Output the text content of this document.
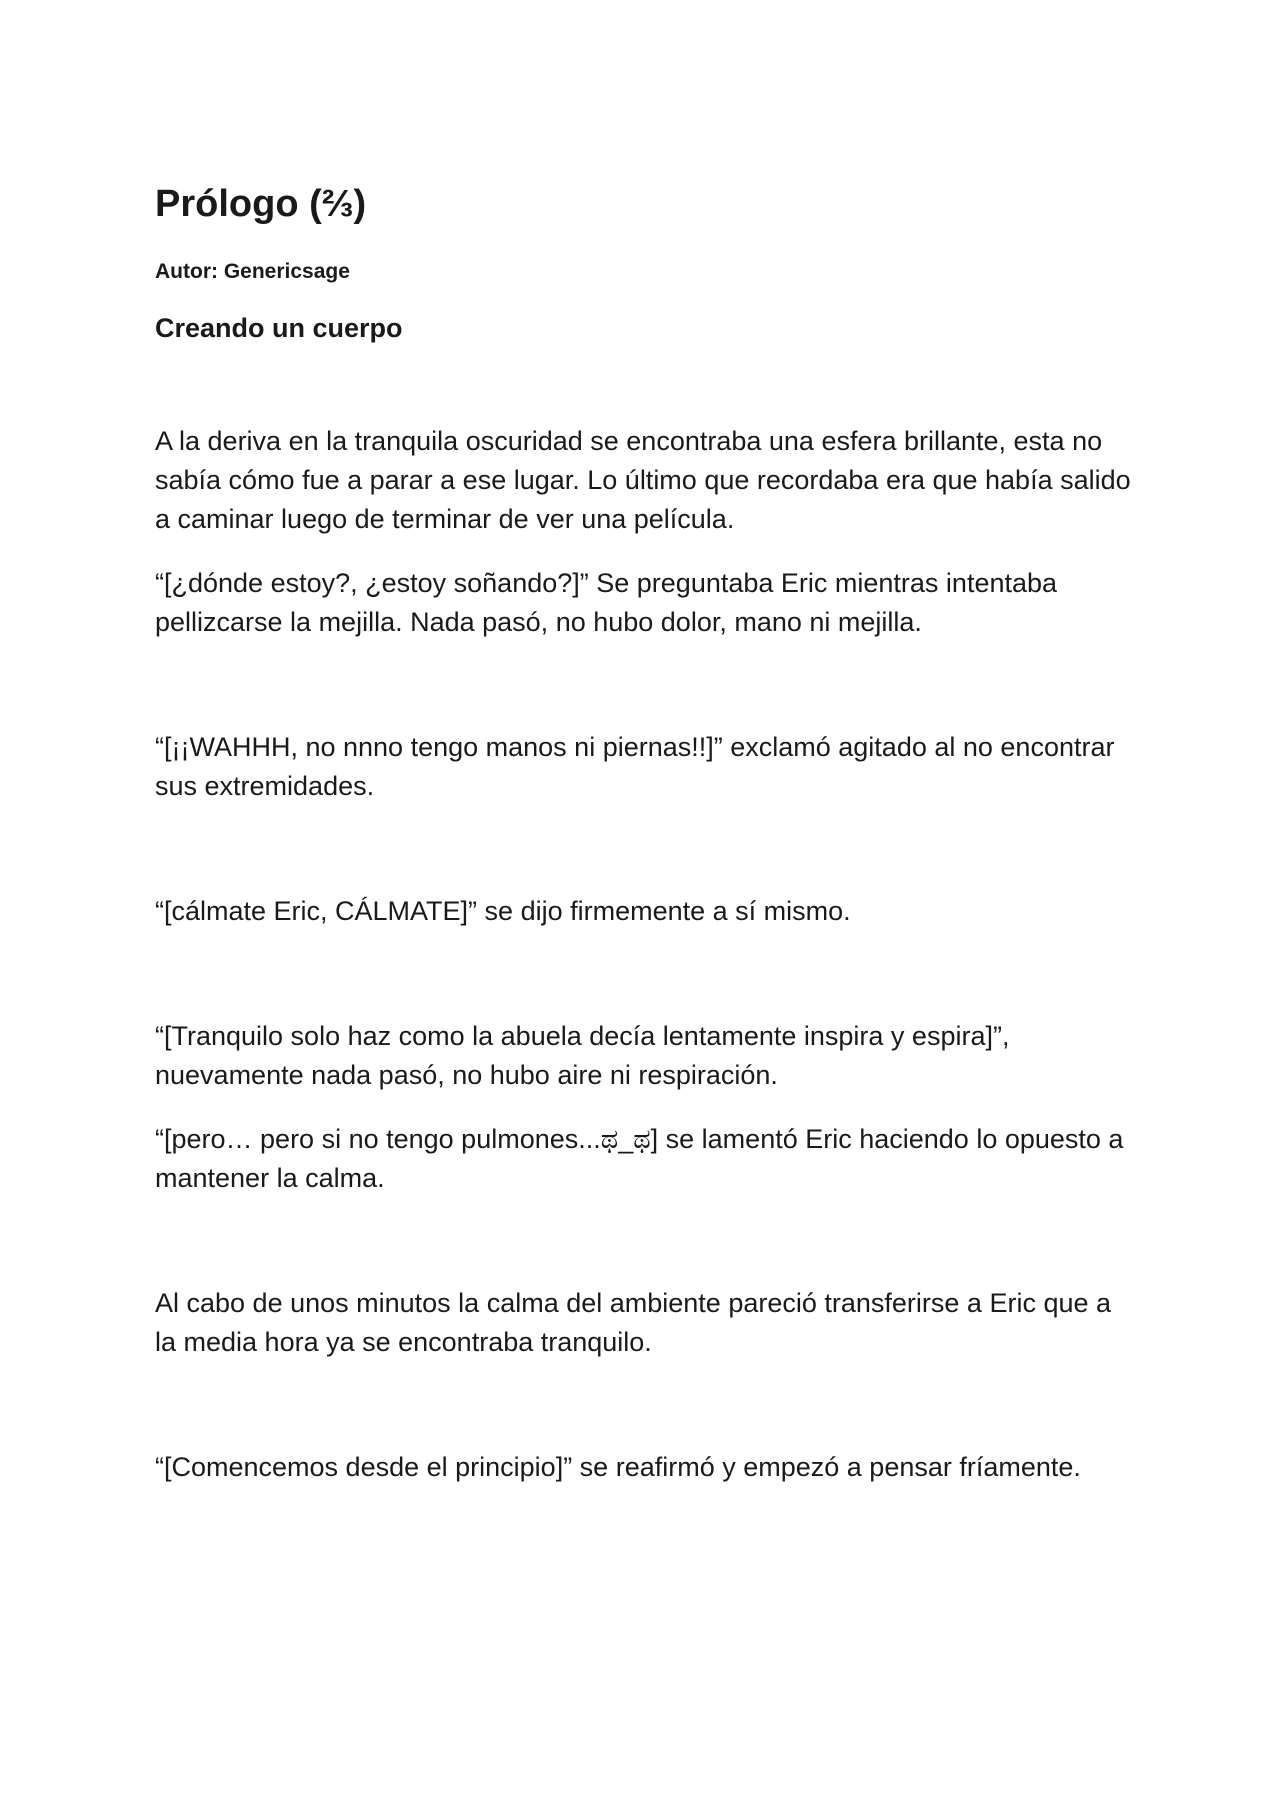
Prólogo (⅔)

Autor: Genericsage

Creando un cuerpo

A la deriva en la tranquila oscuridad se encontraba una esfera brillante, esta no sabía cómo fue a parar a ese lugar. Lo último que recordaba era que había salido a caminar luego de terminar de ver una película.

“[¿dónde estoy?, ¿estoy soñando?]” Se preguntaba Eric mientras intentaba pellizcarse la mejilla. Nada pasó, no hubo dolor, mano ni mejilla.

“[¡¡WAHHH, no nnno tengo manos ni piernas!!]” exclamó agitado al no encontrar sus extremidades.

“[cálmate Eric, CÁLMATE]” se dijo firmemente a sí mismo.

“[Tranquilo solo haz como la abuela decía lentamente inspira y espira]”, nuevamente nada pasó, no hubo aire ni respiración.

“[pero… pero si no tengo pulmones...ಥ_ಥ] se lamentó Eric haciendo lo opuesto a mantener la calma.

Al cabo de unos minutos la calma del ambiente pareció transferirse a Eric que a la media hora ya se encontraba tranquilo.

“[Comencemos desde el principio]” se reafirmó y empezó a pensar fríamente.
